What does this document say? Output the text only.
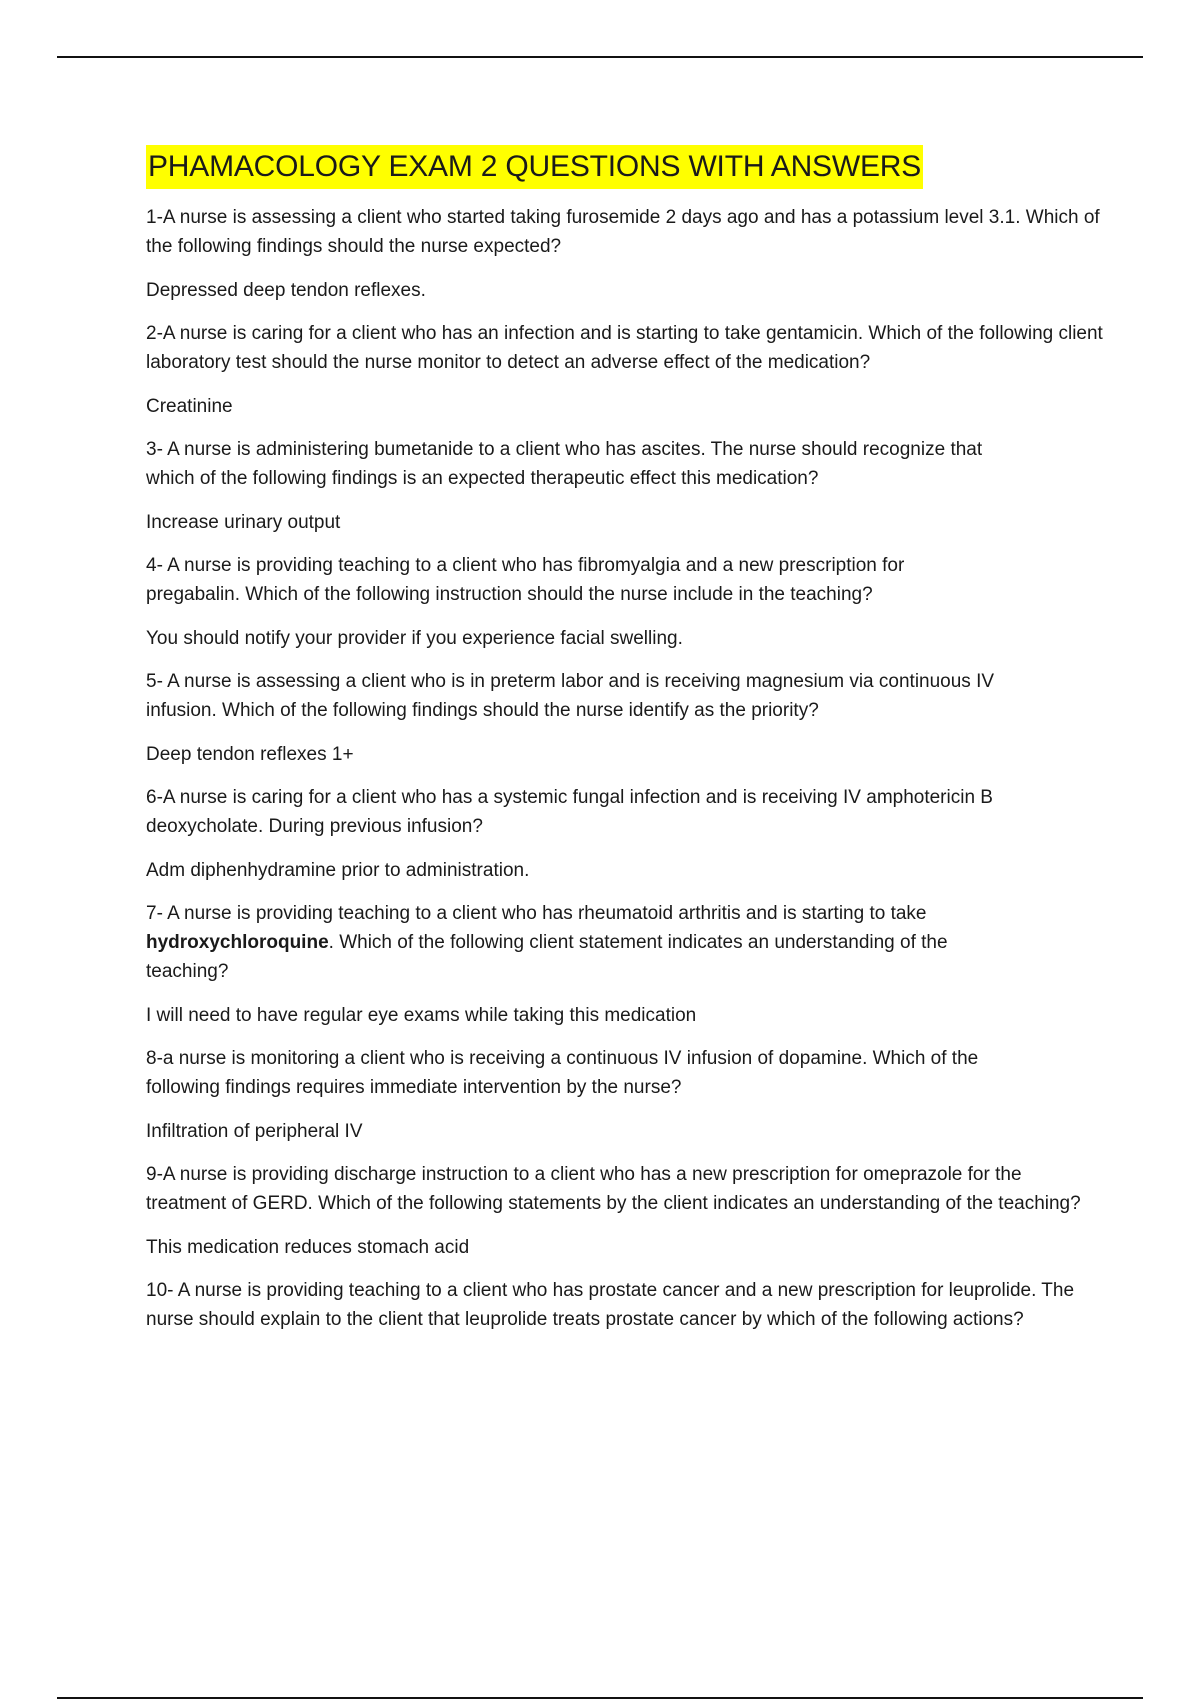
PHAMACOLOGY EXAM 2 QUESTIONS WITH ANSWERS

1-A nurse is assessing a client who started taking furosemide 2 days ago and has a potassium level 3.1. Which of the following findings should the nurse expected?

Depressed deep tendon reflexes.

2-A nurse is caring for a client who has an infection and is starting to take gentamicin. Which of the following client laboratory test should the nurse monitor to detect an adverse effect of the medication?

Creatinine

3- A nurse is administering bumetanide to a client who has ascites. The nurse should recognize that which of the following findings is an expected therapeutic effect this medication?

Increase urinary output

4- A nurse is providing teaching to a client who has fibromyalgia and a new prescription for pregabalin. Which of the following instruction should the nurse include in the teaching?

You should notify your provider if you experience facial swelling.

5- A nurse is assessing a client who is in preterm labor and is receiving magnesium via continuous IV infusion. Which of the following findings should the nurse identify as the priority?

Deep tendon reflexes 1+

6-A nurse is caring for a client who has a systemic fungal infection and is receiving IV amphotericin B deoxycholate. During previous infusion?

Adm diphenhydramine prior to administration.

7- A nurse is providing teaching to a client who has rheumatoid arthritis and is starting to take hydroxychloroquine. Which of the following client statement indicates an understanding of the teaching?

I will need to have regular eye exams while taking this medication

8-a nurse is monitoring a client who is receiving a continuous IV infusion of dopamine. Which of the following findings requires immediate intervention by the nurse?

Infiltration of peripheral IV

9-A nurse is providing discharge instruction to a client who has a new prescription for omeprazole for the treatment of GERD. Which of the following statements by the client indicates an understanding of the teaching?

This medication reduces stomach acid

10- A nurse is providing teaching to a client who has prostate cancer and a new prescription for leuprolide. The nurse should explain to the client that leuprolide treats prostate cancer by which of the following actions?
